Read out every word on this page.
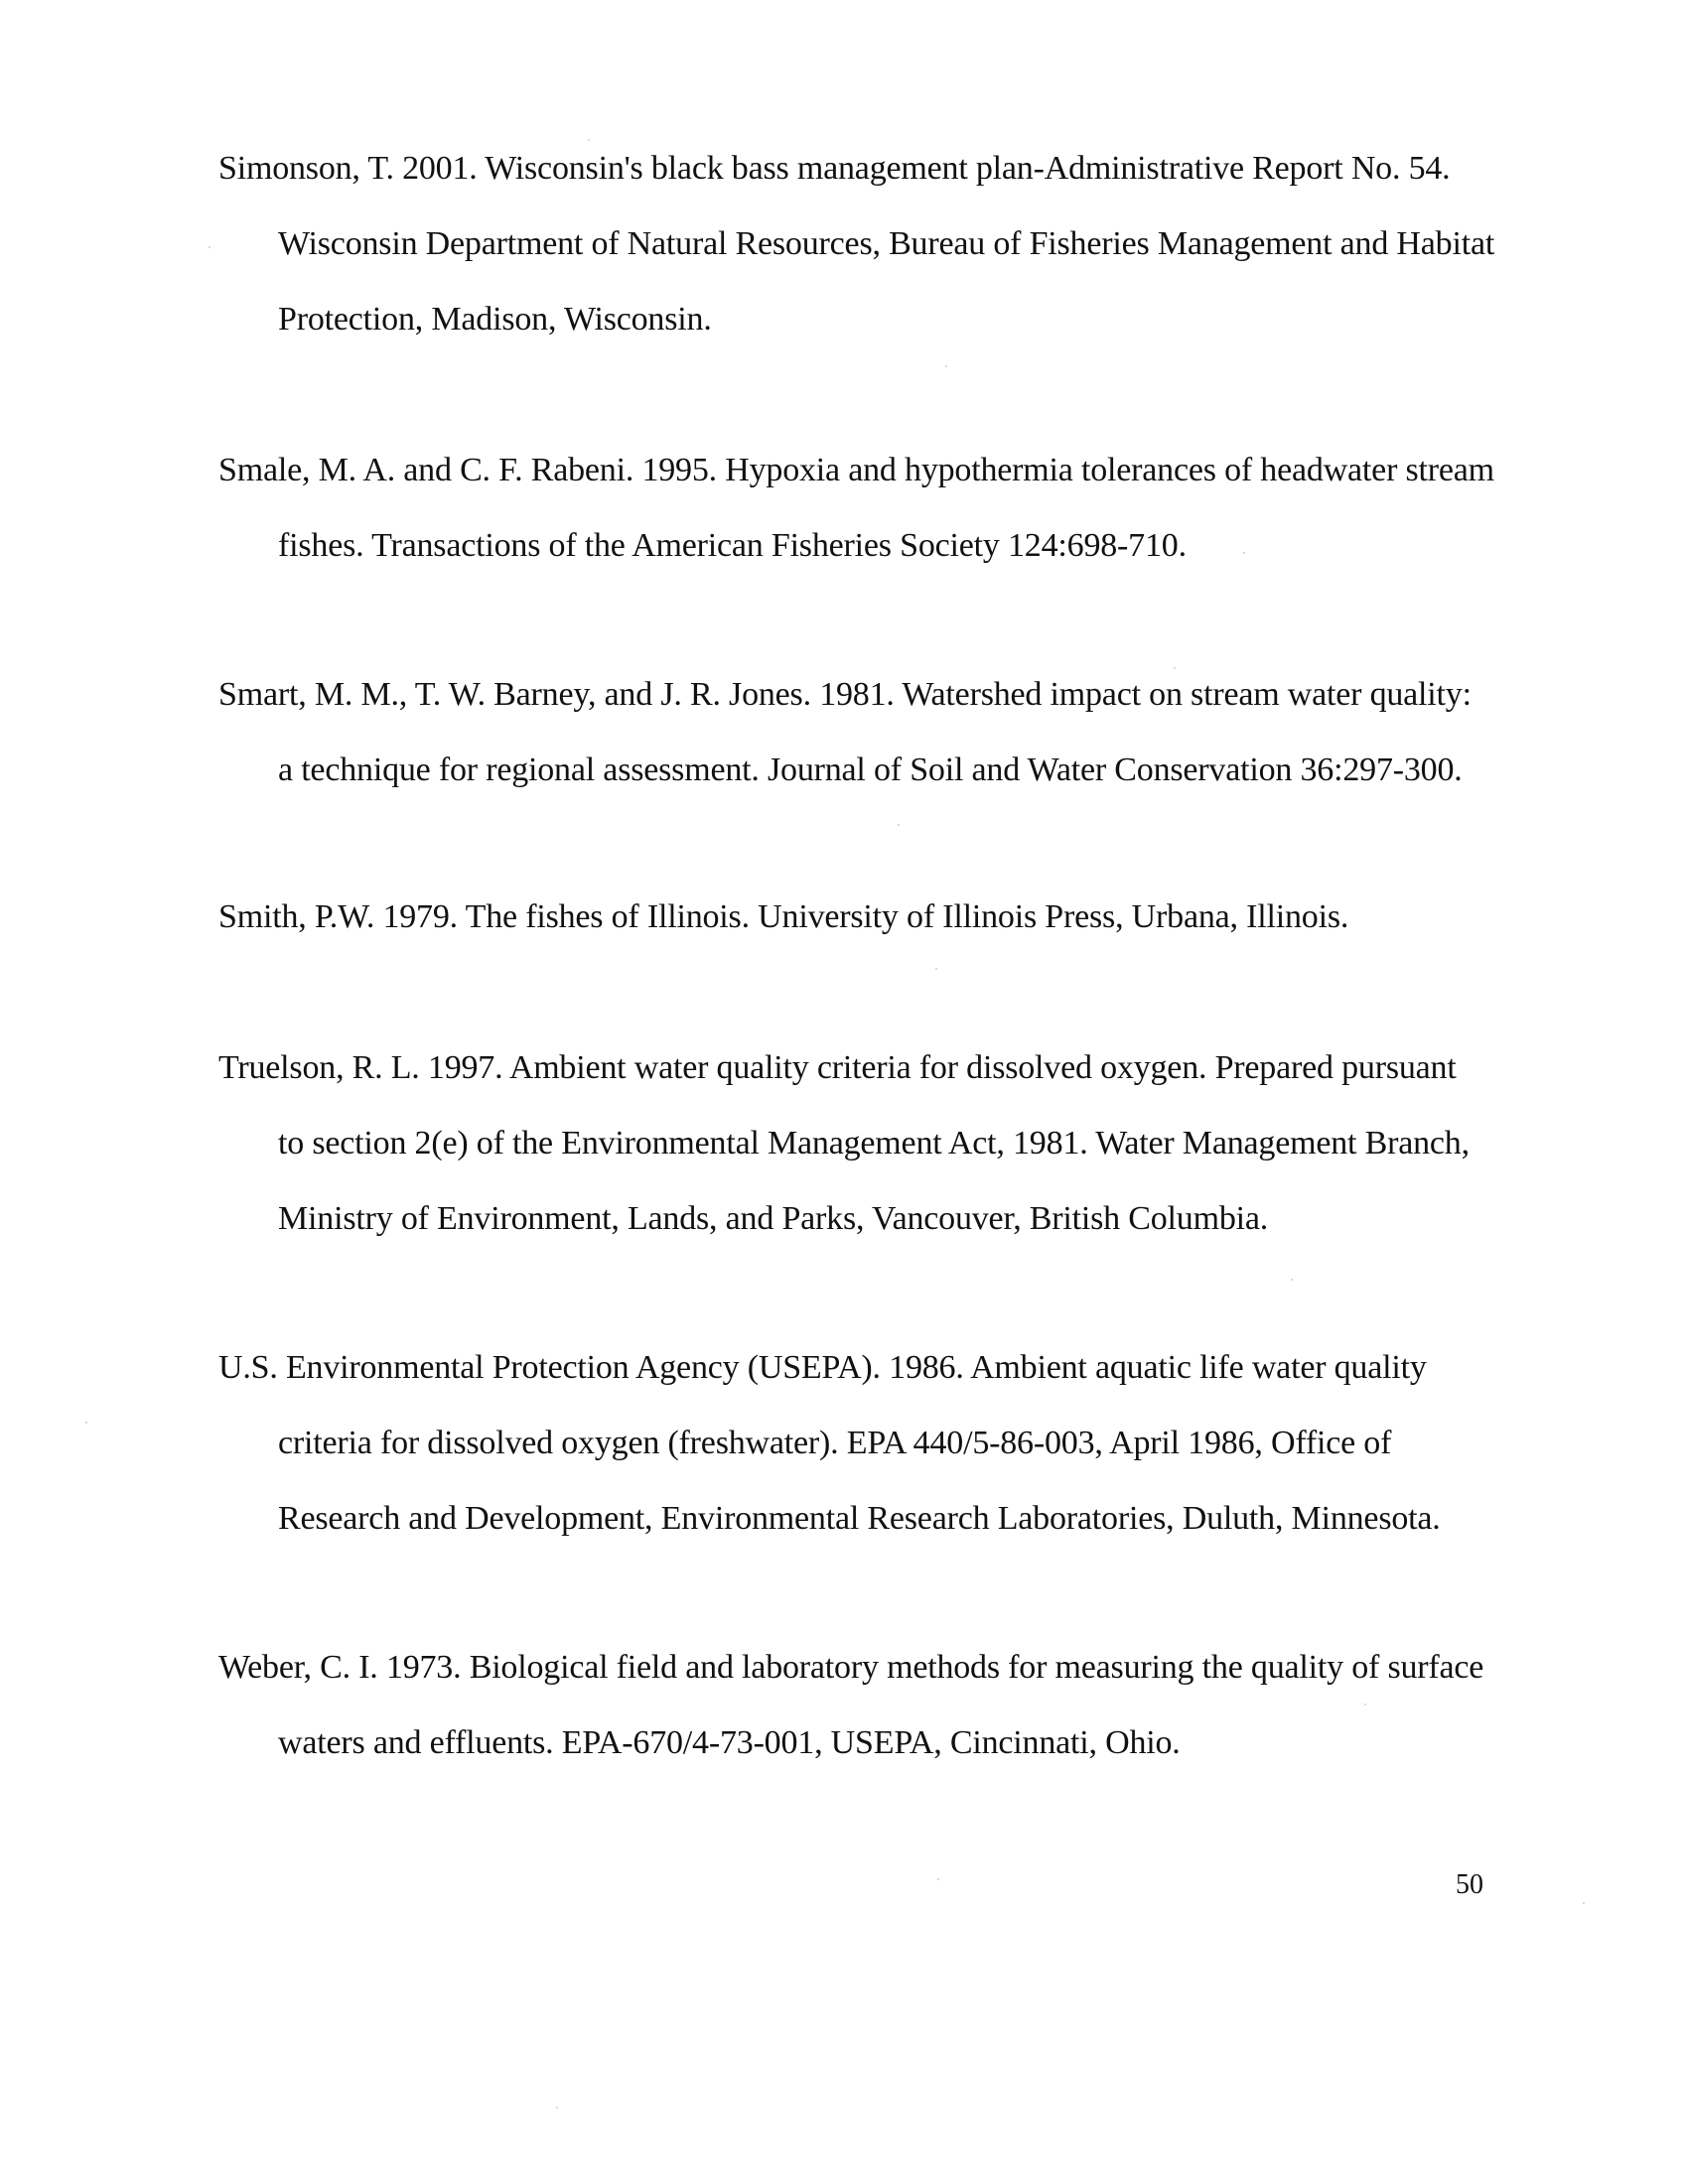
Simonson, T. 2001. Wisconsin's black bass management plan-Administrative Report No. 54.
Wisconsin Department of Natural Resources, Bureau of Fisheries Management and Habitat
Protection, Madison, Wisconsin.
Smale, M. A. and C. F. Rabeni. 1995. Hypoxia and hypothermia tolerances of headwater stream
fishes. Transactions of the American Fisheries Society 124:698-710.
Smart, M. M., T. W. Barney, and J. R. Jones. 1981. Watershed impact on stream water quality:
a technique for regional assessment. Journal of Soil and Water Conservation 36:297-300.
Smith, P.W. 1979. The fishes of Illinois. University of Illinois Press, Urbana, Illinois.
Truelson, R. L. 1997. Ambient water quality criteria for dissolved oxygen. Prepared pursuant
to section 2(e) of the Environmental Management Act, 1981. Water Management Branch,
Ministry of Environment, Lands, and Parks, Vancouver, British Columbia.
U.S. Environmental Protection Agency (USEPA). 1986. Ambient aquatic life water quality
criteria for dissolved oxygen (freshwater). EPA 440/5-86-003, April 1986, Office of
Research and Development, Environmental Research Laboratories, Duluth, Minnesota.
Weber, C. I. 1973. Biological field and laboratory methods for measuring the quality of surface
waters and effluents. EPA-670/4-73-001, USEPA, Cincinnati, Ohio.
50
